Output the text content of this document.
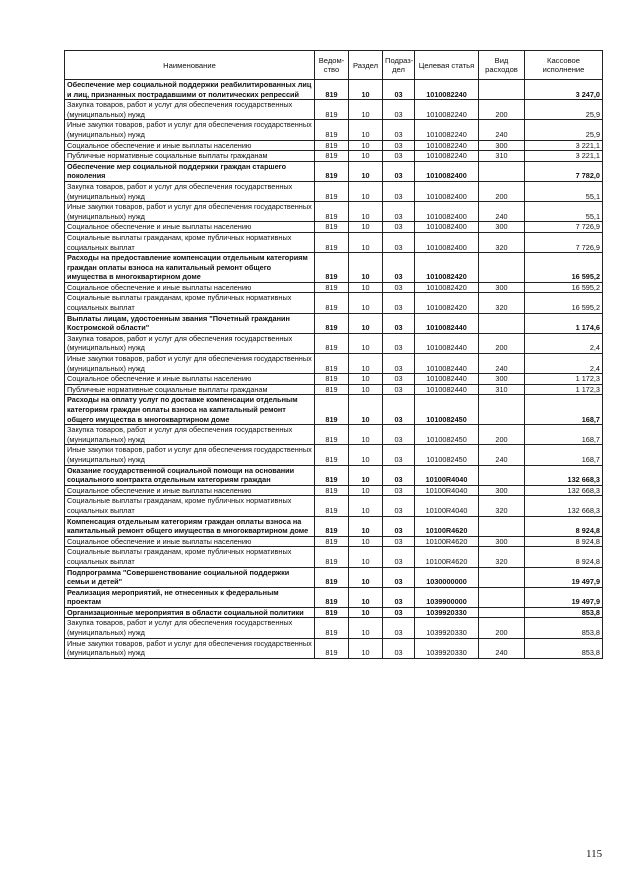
Наименование	Ведом-ство	Раздел	Подраз-дел	Целевая статья	Вид расходов	Кассовое исполнение
Обеспечение мер социальной поддержки реабилитированных лиц и лиц, признанных пострадавшими от политических репрессий	819	10	03	1010082240		3 247,0
Закупка товаров, работ и услуг для обеспечения государственных (муниципальных) нужд	819	10	03	1010082240	200	25,9
Иные закупки товаров, работ и услуг для обеспечения государственных (муниципальных) нужд	819	10	03	1010082240	240	25,9
Социальное обеспечение и иные выплаты населению	819	10	03	1010082240	300	3 221,1
Публичные нормативные социальные выплаты гражданам	819	10	03	1010082240	310	3 221,1
Обеспечение мер социальной поддержки граждан старшего поколения	819	10	03	1010082400		7 782,0
Закупка товаров, работ и услуг для обеспечения государственных (муниципальных) нужд	819	10	03	1010082400	200	55,1
Иные закупки товаров, работ и услуг для обеспечения государственных (муниципальных) нужд	819	10	03	1010082400	240	55,1
Социальное обеспечение и иные выплаты населению	819	10	03	1010082400	300	7 726,9
Социальные выплаты гражданам, кроме публичных нормативных социальных выплат	819	10	03	1010082400	320	7 726,9
Расходы на предоставление компенсации отдельным категориям граждан оплаты взноса на капитальный ремонт общего имущества в многоквартирном доме	819	10	03	1010082420		16 595,2
Социальное обеспечение и иные выплаты населению	819	10	03	1010082420	300	16 595,2
Социальные выплаты гражданам, кроме публичных нормативных социальных выплат	819	10	03	1010082420	320	16 595,2
Выплаты лицам, удостоенным звания "Почетный гражданин Костромской области"	819	10	03	1010082440		1 174,6
Закупка товаров, работ и услуг для обеспечения государственных (муниципальных) нужд	819	10	03	1010082440	200	2,4
Иные закупки товаров, работ и услуг для обеспечения государственных (муниципальных) нужд	819	10	03	1010082440	240	2,4
Социальное обеспечение и иные выплаты населению	819	10	03	1010082440	300	1 172,3
Публичные нормативные социальные выплаты гражданам	819	10	03	1010082440	310	1 172,3
Расходы на оплату услуг по доставке компенсации отдельным категориям граждан оплаты взноса на капитальный ремонт общего имущества в многоквартирном доме	819	10	03	1010082450		168,7
Закупка товаров, работ и услуг для обеспечения государственных (муниципальных) нужд	819	10	03	1010082450	200	168,7
Иные закупки товаров, работ и услуг для обеспечения государственных (муниципальных) нужд	819	10	03	1010082450	240	168,7
Оказание государственной социальной помощи на основании социального контракта отдельным категориям граждан	819	10	03	10100R4040		132 668,3
Социальное обеспечение и иные выплаты населению	819	10	03	10100R4040	300	132 668,3
Социальные выплаты гражданам, кроме публичных нормативных социальных выплат	819	10	03	10100R4040	320	132 668,3
Компенсация отдельным категориям граждан оплаты взноса на капитальный ремонт общего имущества в многоквартирном доме	819	10	03	10100R4620		8 924,8
Социальное обеспечение и иные выплаты населению	819	10	03	10100R4620	300	8 924,8
Социальные выплаты гражданам, кроме публичных нормативных социальных выплат	819	10	03	10100R4620	320	8 924,8
Подпрограмма "Совершенствование социальной поддержки семьи и детей"	819	10	03	1030000000		19 497,9
Реализация мероприятий, не отнесенных к федеральным проектам	819	10	03	1039900000		19 497,9
Организационные мероприятия в области социальной политики	819	10	03	1039920330		853,8
Закупка товаров, работ и услуг для обеспечения государственных (муниципальных) нужд	819	10	03	1039920330	200	853,8
Иные закупки товаров, работ и услуг для обеспечения государственных (муниципальных) нужд	819	10	03	1039920330	240	853,8
115
